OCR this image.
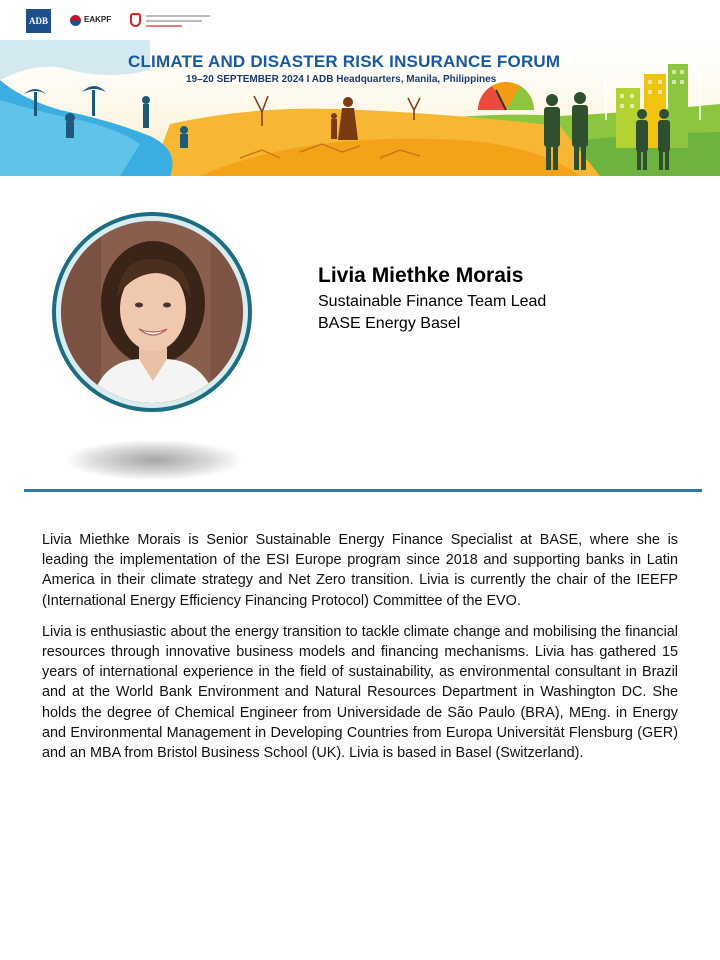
ADB	EAKPF
CLIMATE AND DISASTER RISK INSURANCE FORUM
19–20 SEPTEMBER 2024 I ADB Headquarters, Manila, Philippines
Livia Miethke Morais
Sustainable Finance Team Lead
BASE Energy Basel

Livia Miethke Morais is Senior Sustainable Energy Finance Specialist at BASE, where she is leading the implementation of the ESI Europe program since 2018 and supporting banks in Latin America in their climate strategy and Net Zero transition. Livia is currently the chair of the IEEFP (International Energy Efficiency Financing Protocol) Committee of the EVO.

Livia is enthusiastic about the energy transition to tackle climate change and mobilising the financial resources through innovative business models and financing mechanisms. Livia has gathered 15 years of international experience in the field of sustainability, as environmental consultant in Brazil and at the World Bank Environment and Natural Resources Department in Washington DC. She holds the degree of Chemical Engineer from Universidade de São Paulo (BRA), MEng. in Energy and Environmental Management in Developing Countries from Europa Universität Flensburg (GER) and an MBA from Bristol Business School (UK). Livia is based in Basel (Switzerland).
